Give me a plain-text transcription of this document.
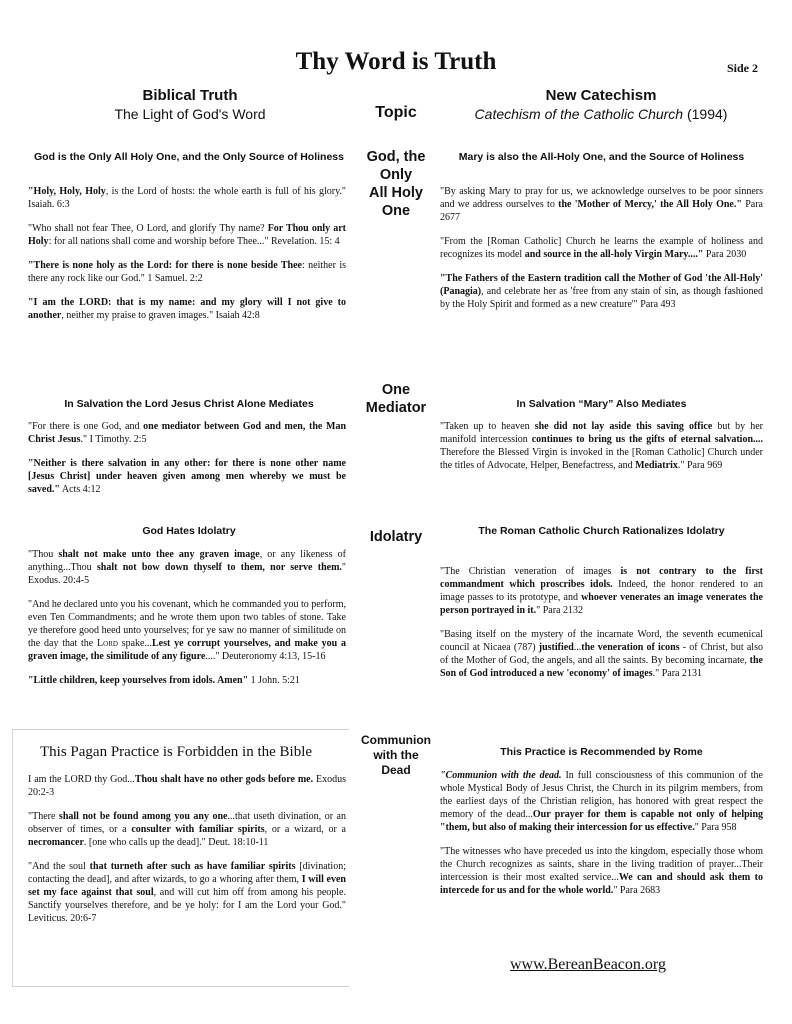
Thy Word is Truth	Side 2
Biblical Truth
The Light of God's Word
New Catechism
Catechism of the Catholic Church (1994)
Topic
God, the
Only
All Holy
One
One
Mediator
Idolatry
Communion
with the
Dead
God is the Only All Holy One, and the Only Source of Holiness

"Holy, Holy, Holy, is the Lord of hosts: the whole earth is full of his glory." Isaiah. 6:3

"Who shall not fear Thee, O Lord, and glorify Thy name? For Thou only art Holy: for all nations shall come and worship before Thee..." Revelation. 15: 4

"There is none holy as the Lord: for there is none beside Thee: neither is there any rock like our God." 1 Samuel. 2:2

"I am the LORD: that is my name: and my glory will I not give to another, neither my praise to graven images." Isaiah 42:8

Mary is also the All-Holy One, and the Source of Holiness

"By asking Mary to pray for us, we acknowledge ourselves to be poor sinners and we address ourselves to the 'Mother of Mercy,' the All Holy One." Para 2677

"From the [Roman Catholic] Church he learns the example of holiness and recognizes its model and source in the all-holy Virgin Mary...." Para 2030

"The Fathers of the Eastern tradition call the Mother of God 'the All-Holy' (Panagia), and celebrate her as 'free from any stain of sin, as though fashioned by the Holy Spirit and formed as a new creature'" Para 493

In Salvation the Lord Jesus Christ Alone Mediates

"For there is one God, and one mediator between God and men, the Man Christ Jesus." I Timothy. 2:5

"Neither is there salvation in any other: for there is none other name [Jesus Christ] under heaven given among men whereby we must be saved." Acts 4:12

In Salvation “Mary” Also Mediates

"Taken up to heaven she did not lay aside this saving office but by her manifold intercession continues to bring us the gifts of eternal salvation.... Therefore the Blessed Virgin is invoked in the [Roman Catholic] Church under the titles of Advocate, Helper, Benefactress, and Mediatrix." Para 969

God Hates Idolatry

"Thou shalt not make unto thee any graven image, or any likeness of anything...Thou shalt not bow down thyself to them, nor serve them." Exodus. 20:4-5

"And he declared unto you his covenant, which he commanded you to perform, even Ten Commandments; and he wrote them upon two tables of stone. Take ye therefore good heed unto yourselves; for ye saw no manner of similitude on the day that the Lord spake...Lest ye corrupt yourselves, and make you a graven image, the similitude of any figure...." Deuteronomy 4:13, 15-16

"Little children, keep yourselves from idols. Amen" 1 John. 5:21

The Roman Catholic Church Rationalizes Idolatry

"The Christian veneration of images is not contrary to the first commandment which proscribes idols. Indeed, the honor rendered to an image passes to its prototype, and whoever venerates an image venerates the person portrayed in it." Para 2132

"Basing itself on the mystery of the incarnate Word, the seventh ecumenical council at Nicaea (787) justified...the veneration of icons - of Christ, but also of the Mother of God, the angels, and all the saints. By becoming incarnate, the Son of God introduced a new 'economy' of images." Para 2131

This Pagan Practice is Forbidden in the Bible

I am the LORD thy God...Thou shalt have no other gods before me. Exodus 20:2-3

"There shall not be found among you any one...that useth divination, or an observer of times, or a consulter with familiar spirits, or a wizard, or a necromancer. [one who calls up the dead]." Deut. 18:10-11

"And the soul that turneth after such as have familiar spirits [divination; contacting the dead], and after wizards, to go a whoring after them, I will even set my face against that soul, and will cut him off from among his people. Sanctify yourselves therefore, and be ye holy: for I am the Lord your God." Leviticus. 20:6-7

This Practice is Recommended by Rome

"Communion with the dead. In full consciousness of this communion of the whole Mystical Body of Jesus Christ, the Church in its pilgrim members, from the earliest days of the Christian religion, has honored with great respect the memory of the dead...Our prayer for them is capable not only of helping "them, but also of making their intercession for us effective." Para 958

"The witnesses who have preceded us into the kingdom, especially those whom the Church recognizes as saints, share in the living tradition of prayer...Their intercession is their most exalted service...We can and should ask them to intercede for us and for the whole world." Para 2683

www.BereanBeacon.org
